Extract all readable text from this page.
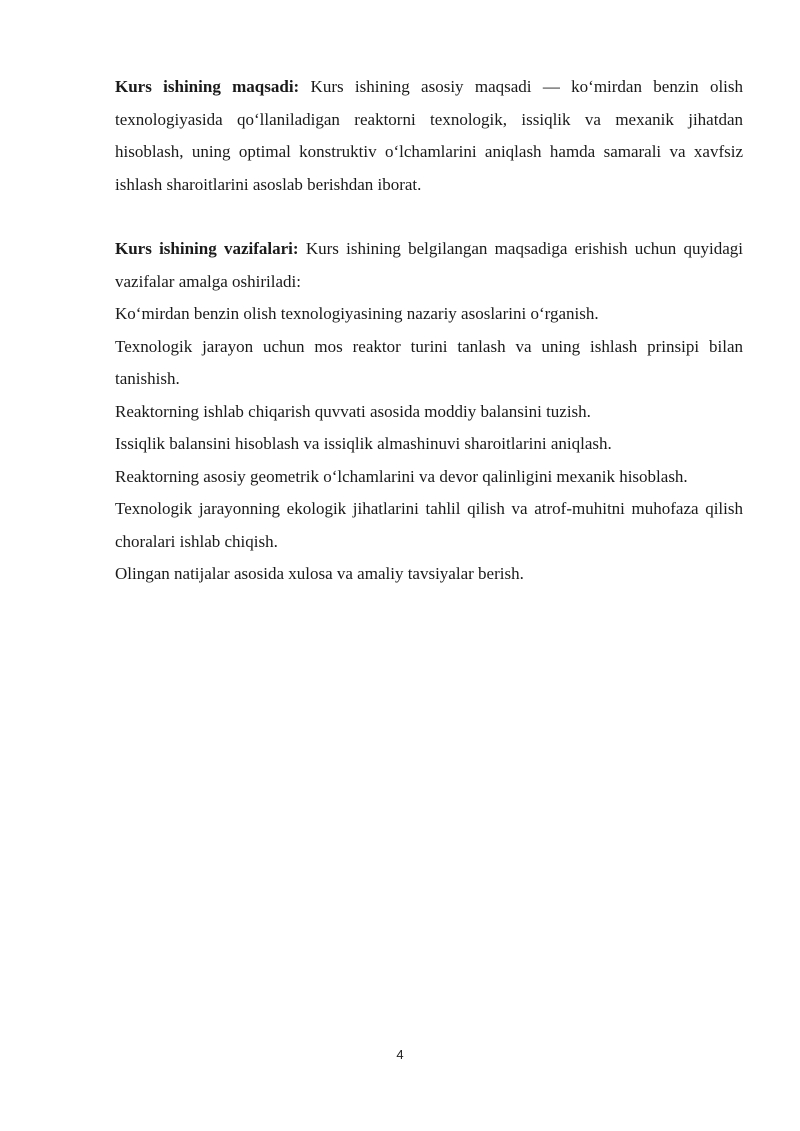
Kurs ishining maqsadi: Kurs ishining asosiy maqsadi — ko‘mirdan benzin olish texnologiyasida qo‘llaniladigan reaktorni texnologik, issiqlik va mexanik jihatdan hisoblash, uning optimal konstruktiv o‘lchamlarini aniqlash hamda samarali va xavfsiz ishlash sharoitlarini asoslab berishdan iborat.

Kurs ishining vazifalari: Kurs ishining belgilangan maqsadiga erishish uchun quyidagi vazifalar amalga oshiriladi:

Ko‘mirdan benzin olish texnologiyasining nazariy asoslarini o‘rganish.

Texnologik jarayon uchun mos reaktor turini tanlash va uning ishlash prinsipi bilan tanishish.

Reaktorning ishlab chiqarish quvvati asosida moddiy balansini tuzish.

Issiqlik balansini hisoblash va issiqlik almashinuvi sharoitlarini aniqlash.

Reaktorning asosiy geometrik o‘lchamlarini va devor qalinligini mexanik hisoblash.

Texnologik jarayonning ekologik jihatlarini tahlil qilish va atrof-muhitni muhofaza qilish choralari ishlab chiqish.

Olingan natijalar asosida xulosa va amaliy tavsiyalar berish.

4
